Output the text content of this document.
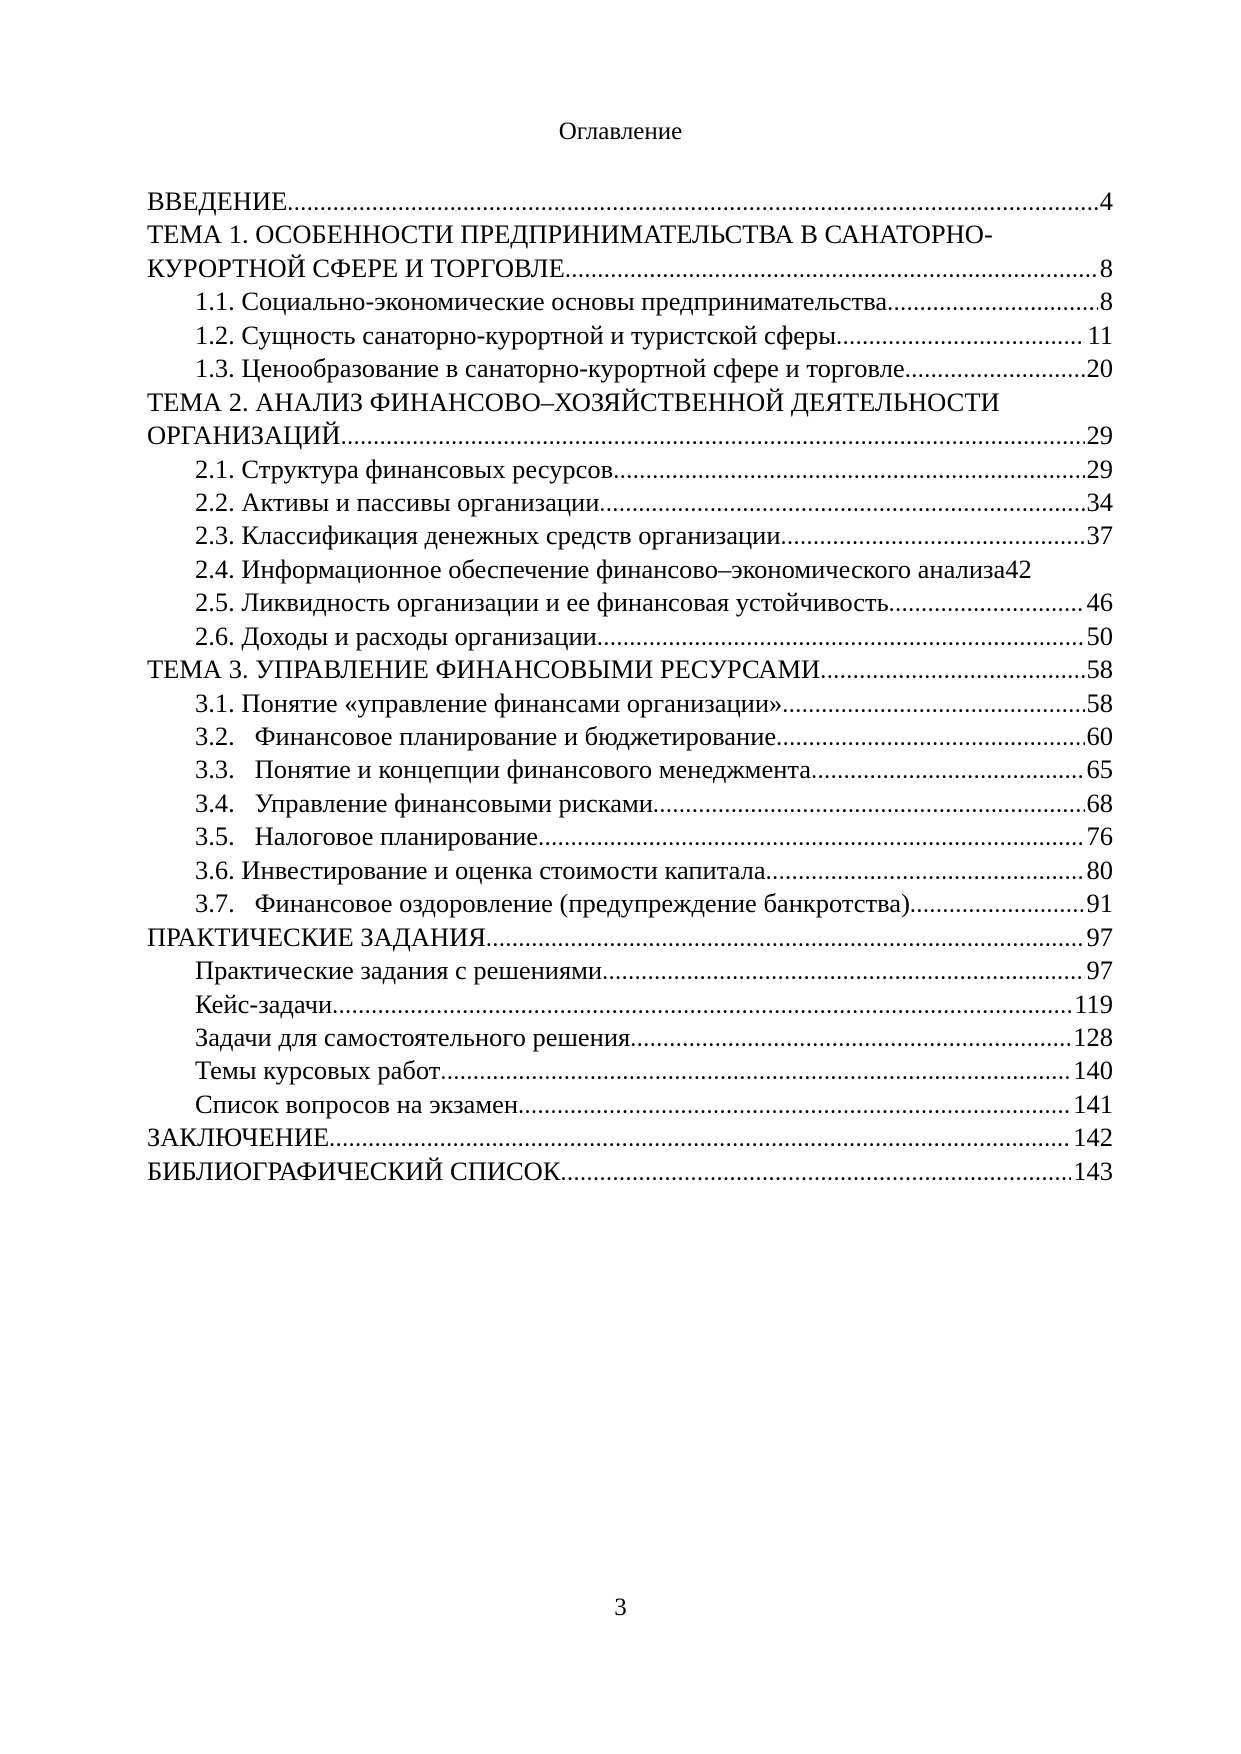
Оглавление
ВВЕДЕНИЕ .....	4
ТЕМА 1. ОСОБЕННОСТИ ПРЕДПРИНИМАТЕЛЬСТВА В САНАТОРНО-
КУРОРТНОЙ СФЕРЕ И ТОРГОВЛЕ .....	8
1.1. Социально-экономические основы предпринимательства .....	8
1.2. Сущность санаторно-курортной и туристской сферы .....	11
1.3. Ценообразование в санаторно-курортной сфере и торговле .....	20
ТЕМА 2. АНАЛИЗ ФИНАНСОВО–ХОЗЯЙСТВЕННОЙ ДЕЯТЕЛЬНОСТИ
ОРГАНИЗАЦИЙ .....	29
2.1. Структура финансовых ресурсов .....	29
2.2. Активы и пассивы организации .....	34
2.3. Классификация денежных средств организации .....	37
2.4. Информационное обеспечение финансово–экономического анализа 42
2.5. Ликвидность организации и ее финансовая устойчивость .....	46
2.6. Доходы и расходы организации .....	50
ТЕМА 3. УПРАВЛЕНИЕ ФИНАНСОВЫМИ РЕСУРСАМИ .....	58
3.1. Понятие «управление финансами организации» .....	58
3.2.   Финансовое планирование и бюджетирование .....	60
3.3.   Понятие и концепции финансового менеджмента .....	65
3.4.   Управление финансовыми рисками .....	68
3.5.   Налоговое планирование .....	76
3.6. Инвестирование и оценка стоимости капитала .....	80
3.7.   Финансовое оздоровление (предупреждение банкротства) .....	91
ПРАКТИЧЕСКИЕ ЗАДАНИЯ .....	97
Практические задания с решениями .....	97
Кейс-задачи .....	119
Задачи для самостоятельного решения .....	128
Темы курсовых работ .....	140
Список вопросов на экзамен .....	141
ЗАКЛЮЧЕНИЕ .....	142
БИБЛИОГРАФИЧЕСКИЙ СПИСОК .....	143
3
